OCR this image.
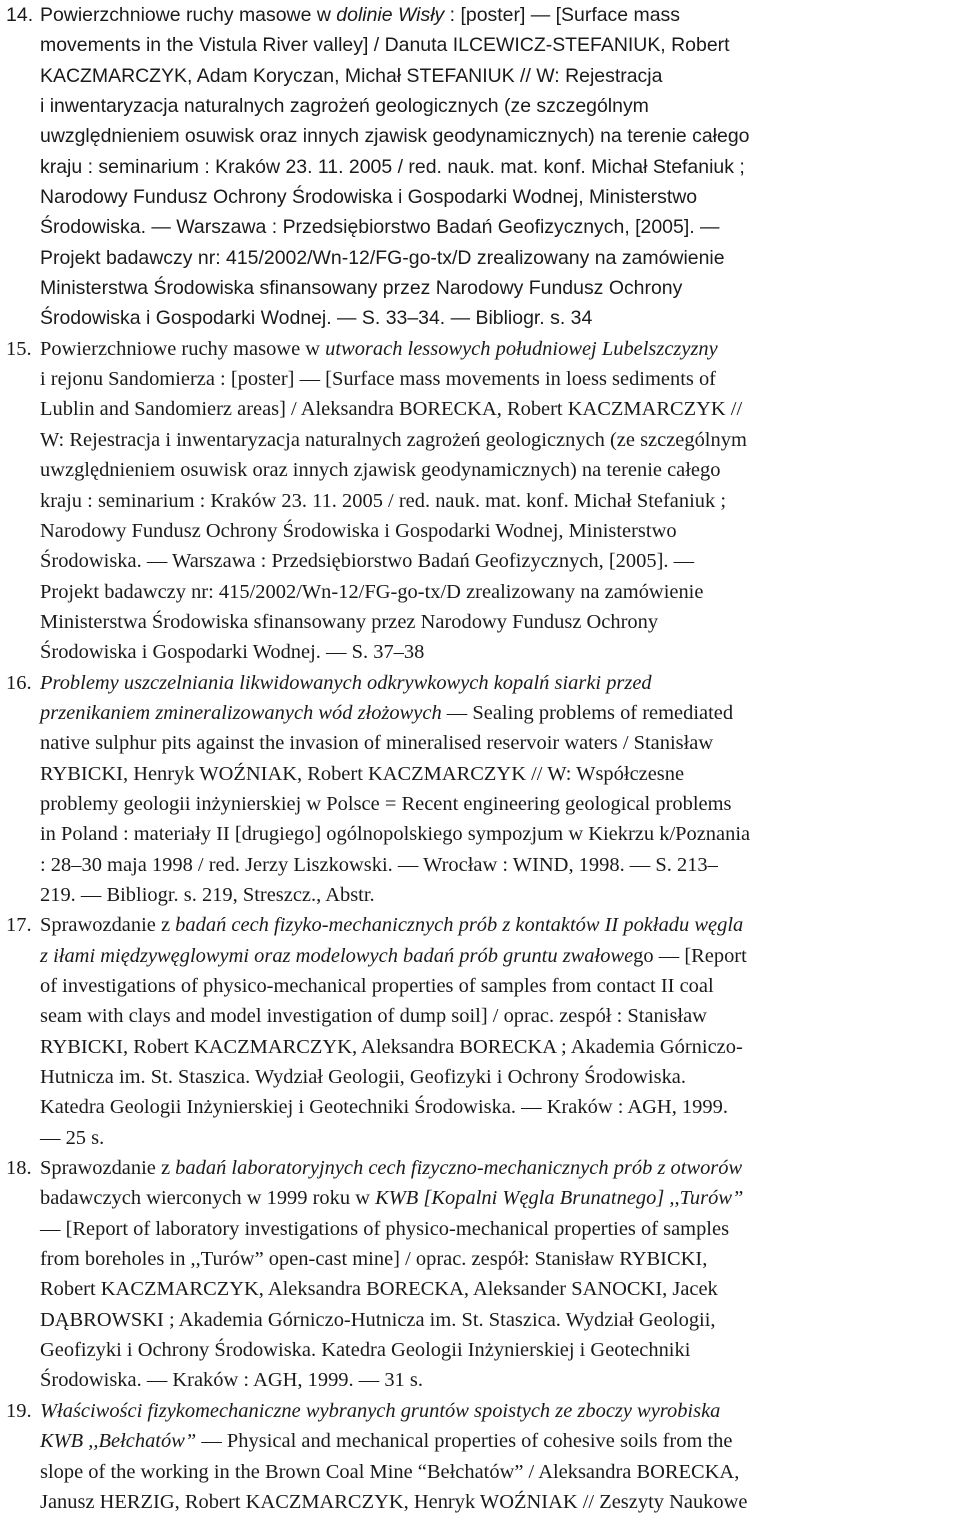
14. Powierzchniowe ruchy masowe w dolinie Wisły : [poster] — [Surface mass
movements in the Vistula River valley] / Danuta ILCEWICZ-STEFANIUK, Robert
KACZMARCZYK, Adam Koryczan, Michał STEFANIUK // W: Rejestracja
i inwentaryzacja naturalnych zagrożeń geologicznych (ze szczególnym
uwzględnieniem osuwisk oraz innych zjawisk geodynamicznych) na terenie całego
kraju : seminarium : Kraków 23. 11. 2005 / red. nauk. mat. konf. Michał Stefaniuk ;
Narodowy Fundusz Ochrony Środowiska i Gospodarki Wodnej, Ministerstwo
Środowiska. — Warszawa : Przedsiębiorstwo Badań Geofizycznych, [2005]. —
Projekt badawczy nr: 415/2002/Wn-12/FG-go-tx/D zrealizowany na zamówienie
Ministerstwa Środowiska sfinansowany przez Narodowy Fundusz Ochrony
Środowiska i Gospodarki Wodnej. — S. 33–34. — Bibliogr. s. 34
15. Powierzchniowe ruchy masowe w utworach lessowych południowej Lubelszczyzny
i rejonu Sandomierza : [poster] — [Surface mass movements in loess sediments of
Lublin and Sandomierz areas] / Aleksandra BORECKA, Robert KACZMARCZYK //
W: Rejestracja i inwentaryzacja naturalnych zagrożeń geologicznych (ze szczególnym
uwzględnieniem osuwisk oraz innych zjawisk geodynamicznych) na terenie całego
kraju : seminarium : Kraków 23. 11. 2005 / red. nauk. mat. konf. Michał Stefaniuk ;
Narodowy Fundusz Ochrony Środowiska i Gospodarki Wodnej, Ministerstwo
Środowiska. — Warszawa : Przedsiębiorstwo Badań Geofizycznych, [2005]. —
Projekt badawczy nr: 415/2002/Wn-12/FG-go-tx/D zrealizowany na zamówienie
Ministerstwa Środowiska sfinansowany przez Narodowy Fundusz Ochrony
Środowiska i Gospodarki Wodnej. — S. 37–38
16. Problemy uszczelniania likwidowanych odkrywkowych kopalń siarki przed
przenikaniem zmineralizowanych wód złożowych — Sealing problems of remediated
native sulphur pits against the invasion of mineralised reservoir waters / Stanisław
RYBICKI, Henryk WOŹNIAK, Robert KACZMARCZYK // W: Współczesne
problemy geologii inżynierskiej w Polsce = Recent engineering geological problems
in Poland : materiały II [drugiego] ogólnopolskiego sympozjum w Kiekrzu k/Poznania
: 28–30 maja 1998 / red. Jerzy Liszkowski. — Wrocław : WIND, 1998. — S. 213–
219. — Bibliogr. s. 219, Streszcz., Abstr.
17. Sprawozdanie z badań cech fizyko-mechanicznych prób z kontaktów II pokładu węgla
z iłami międzywęglowymi oraz modelowych badań prób gruntu zwałowego — [Report
of investigations of physico-mechanical properties of samples from contact II coal
seam with clays and model investigation of dump soil] / oprac. zespół : Stanisław
RYBICKI, Robert KACZMARCZYK, Aleksandra BORECKA ; Akademia Górniczo-
Hutnicza im. St. Staszica. Wydział Geologii, Geofizyki i Ochrony Środowiska.
Katedra Geologii Inżynierskiej i Geotechniki Środowiska. — Kraków : AGH, 1999.
— 25 s.
18. Sprawozdanie z badań laboratoryjnych cech fizyczno-mechanicznych prób z otworów
badawczych wierconych w 1999 roku w KWB [Kopalni Węgla Brunatnego] ,,Turów”
— [Report of laboratory investigations of physico-mechanical properties of samples
from boreholes in ,,Turów” open-cast mine] / oprac. zespół: Stanisław RYBICKI,
Robert KACZMARCZYK, Aleksandra BORECKA, Aleksander SANOCKI, Jacek
DĄBROWSKI ; Akademia Górniczo-Hutnicza im. St. Staszica. Wydział Geologii,
Geofizyki i Ochrony Środowiska. Katedra Geologii Inżynierskiej i Geotechniki
Środowiska. — Kraków : AGH, 1999. — 31 s.
19. Właściwości fizykomechaniczne wybranych gruntów spoistych ze zboczy wyrobiska
KWB ,,Bełchatów” — Physical and mechanical properties of cohesive soils from the
slope of the working in the Brown Coal Mine “Bełchatów” / Aleksandra BORECKA,
Janusz HERZIG, Robert KACZMARCZYK, Henryk WOŹNIAK // Zeszyty Naukowe
